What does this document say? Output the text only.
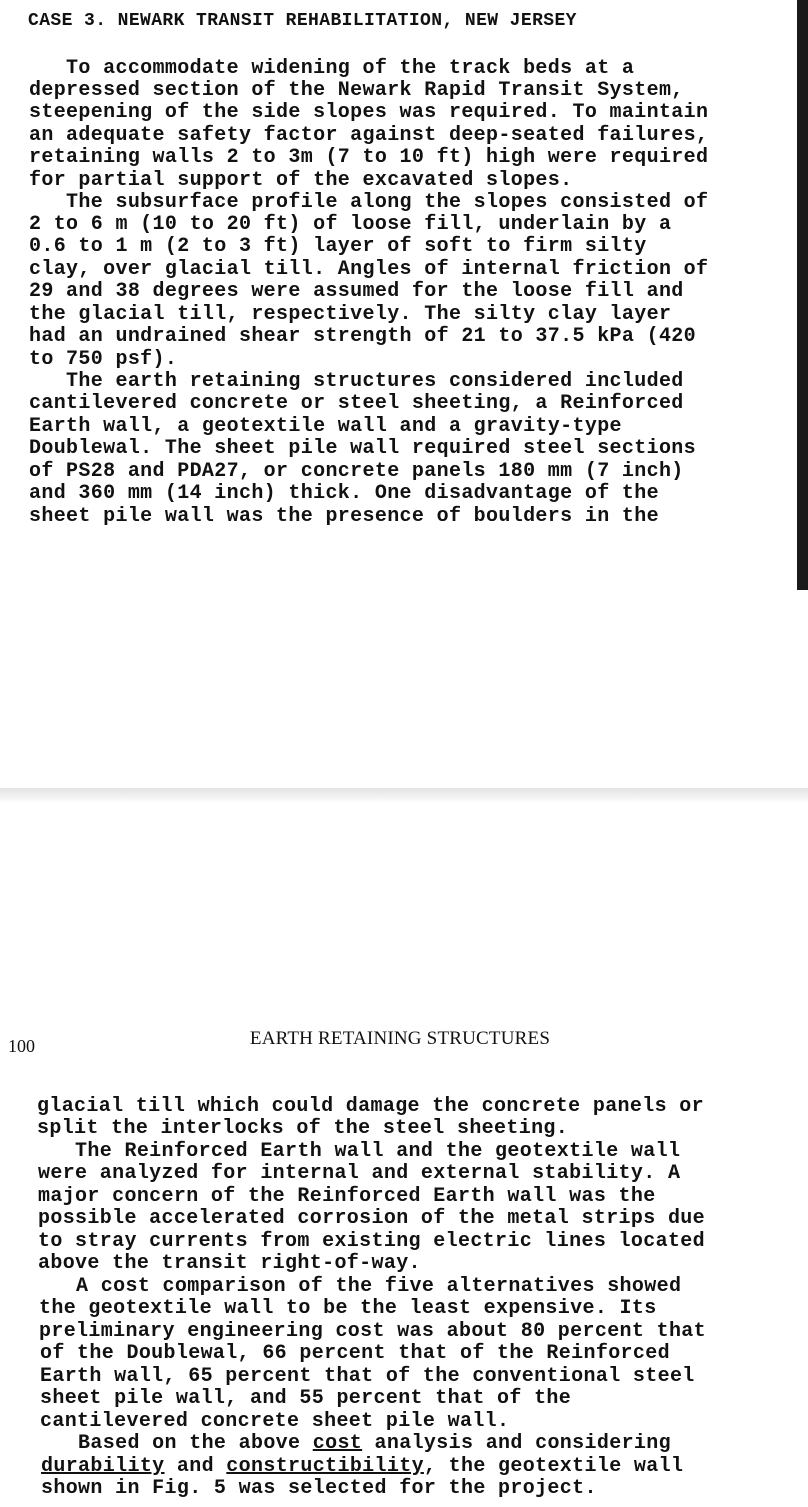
CASE 3. NEWARK TRANSIT REHABILITATION, NEW JERSEY
To accommodate widening of the track beds at a
depressed section of the Newark Rapid Transit System,
steepening of the side slopes was required. To maintain
an adequate safety factor against deep-seated failures,
retaining walls 2 to 3m (7 to 10 ft) high were required
for partial support of the excavated slopes.
The subsurface profile along the slopes consisted of
2 to 6 m (10 to 20 ft) of loose fill, underlain by a
0.6 to 1 m (2 to 3 ft) layer of soft to firm silty
clay, over glacial till. Angles of internal friction of
29 and 38 degrees were assumed for the loose fill and
the glacial till, respectively. The silty clay layer
had an undrained shear strength of 21 to 37.5 kPa (420
to 750 psf).
The earth retaining structures considered included
cantilevered concrete or steel sheeting, a Reinforced
Earth wall, a geotextile wall and a gravity-type
Doublewal. The sheet pile wall required steel sections
of PS28 and PDA27, or concrete panels 180 mm (7 inch)
and 360 mm (14 inch) thick. One disadvantage of the
sheet pile wall was the presence of boulders in the
100	EARTH RETAINING STRUCTURES
glacial till which could damage the concrete panels or
split the interlocks of the steel sheeting.
The Reinforced Earth wall and the geotextile wall
were analyzed for internal and external stability. A
major concern of the Reinforced Earth wall was the
possible accelerated corrosion of the metal strips due
to stray currents from existing electric lines located
above the transit right-of-way.
A cost comparison of the five alternatives showed
the geotextile wall to be the least expensive. Its
preliminary engineering cost was about 80 percent that
of the Doublewal, 66 percent that of the Reinforced
Earth wall, 65 percent that of the conventional steel
sheet pile wall, and 55 percent that of the
cantilevered concrete sheet pile wall.
Based on the above cost analysis and considering
durability and constructibility, the geotextile wall
shown in Fig. 5 was selected for the project.
